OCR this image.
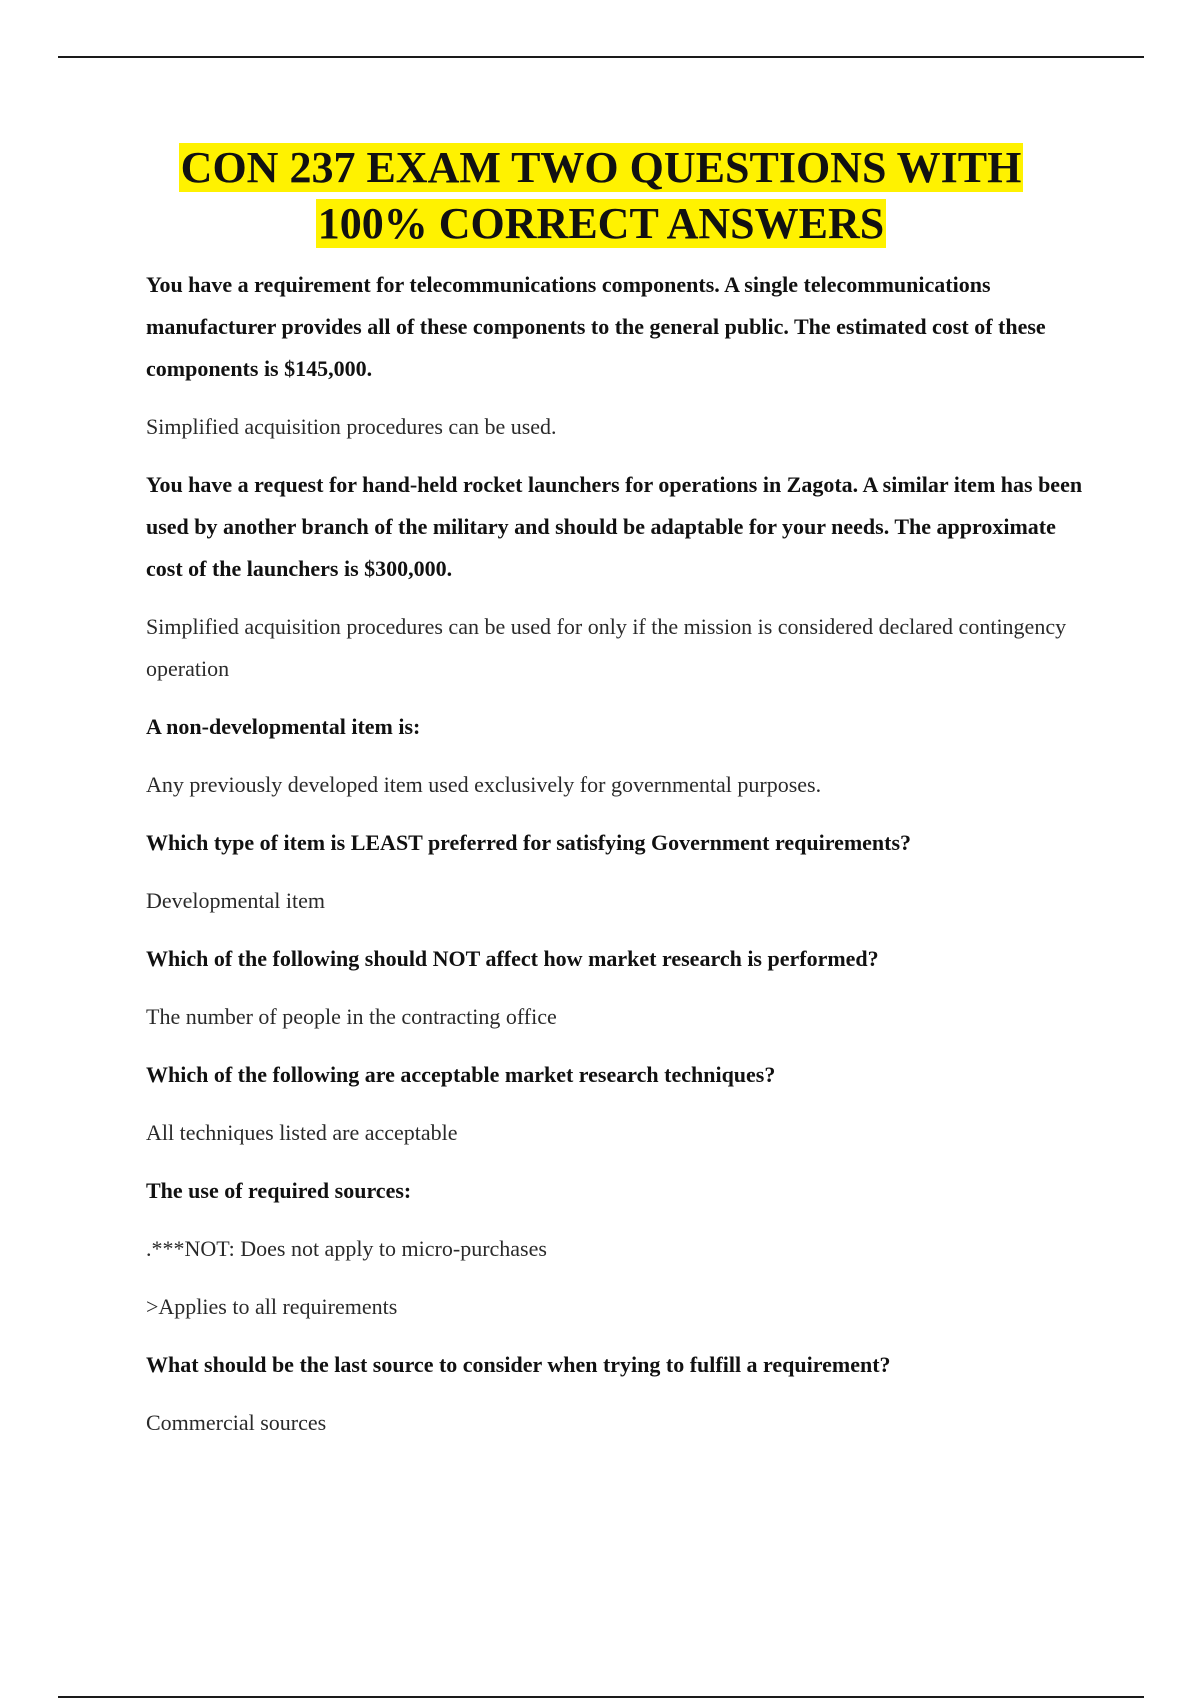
CON 237 EXAM TWO QUESTIONS WITH
100% CORRECT ANSWERS

You have a requirement for telecommunications components. A single telecommunications manufacturer provides all of these components to the general public. The estimated cost of these components is $145,000.

Simplified acquisition procedures can be used.

You have a request for hand-held rocket launchers for operations in Zagota. A similar item has been used by another branch of the military and should be adaptable for your needs. The approximate cost of the launchers is $300,000.

Simplified acquisition procedures can be used for only if the mission is considered declared contingency operation

A non-developmental item is:

Any previously developed item used exclusively for governmental purposes.

Which type of item is LEAST preferred for satisfying Government requirements?

Developmental item

Which of the following should NOT affect how market research is performed?

The number of people in the contracting office

Which of the following are acceptable market research techniques?

All techniques listed are acceptable

The use of required sources:

.***NOT: Does not apply to micro-purchases

>Applies to all requirements

What should be the last source to consider when trying to fulfill a requirement?

Commercial sources
